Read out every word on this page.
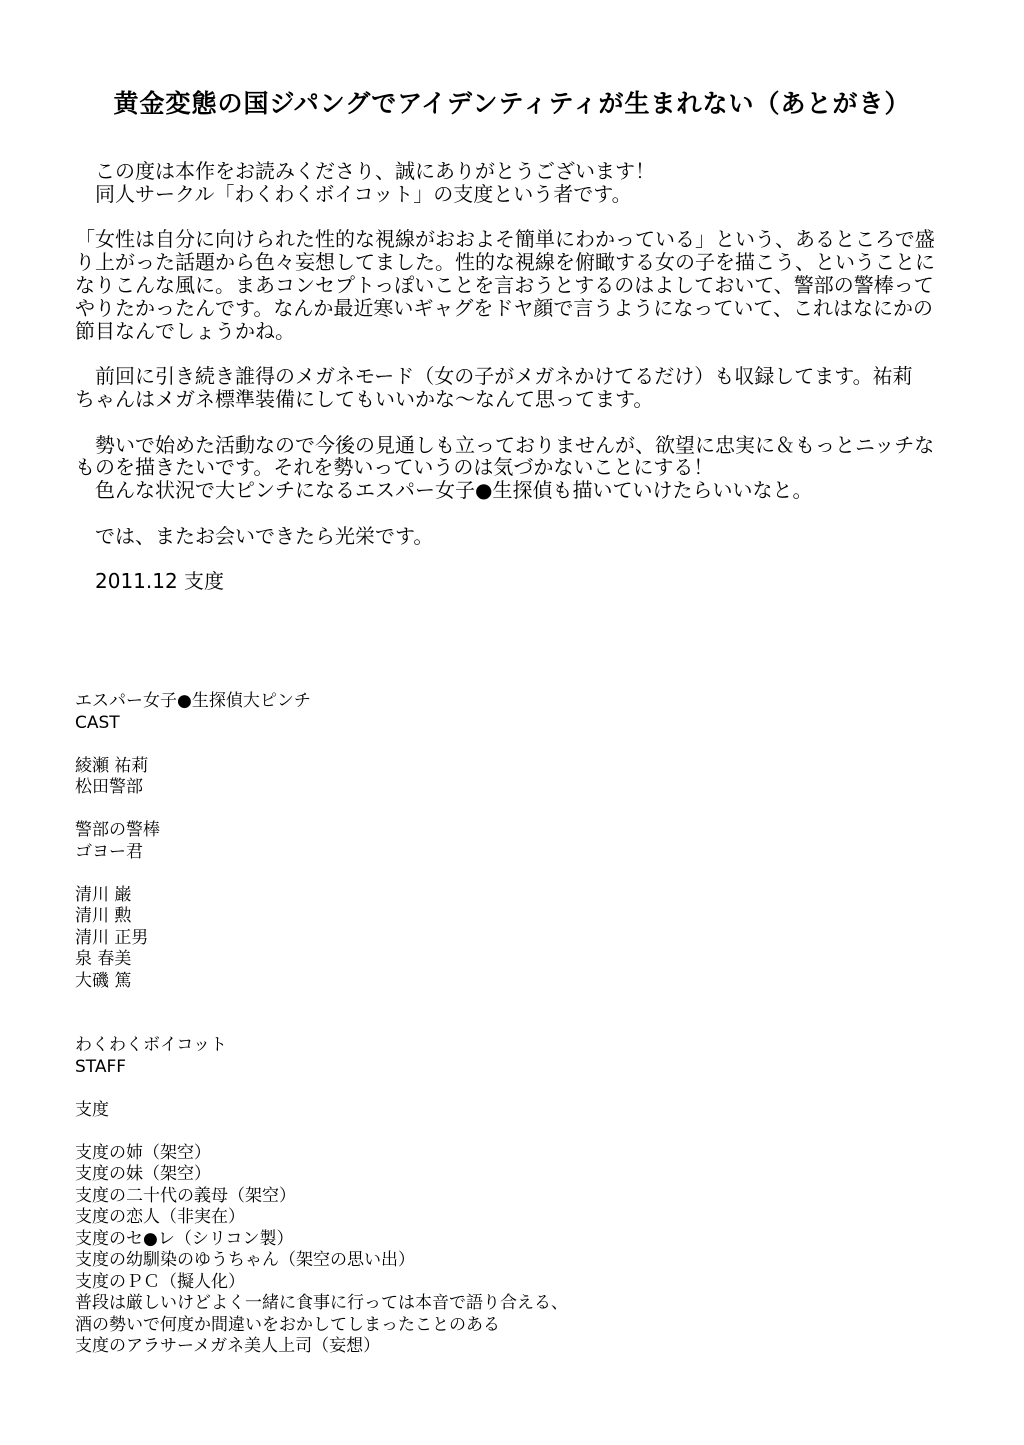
黄金変態の国ジパングでアイデンティティが生まれない（あとがき）
　この度は本作をお読みくださり、誠にありがとうございます！
　同人サークル「わくわくボイコット」の支度という者です。
「女性は自分に向けられた性的な視線がおおよそ簡単にわかっている」という、あるところで盛
り上がった話題から色々妄想してました。性的な視線を俯瞰する女の子を描こう、ということに
なりこんな風に。まあコンセプトっぽいことを言おうとするのはよしておいて、警部の警棒って
やりたかったんです。なんか最近寒いギャグをドヤ顔で言うようになっていて、これはなにかの
節目なんでしょうかね。
　前回に引き続き誰得のメガネモード（女の子がメガネかけてるだけ）も収録してます。祐莉
ちゃんはメガネ標準装備にしてもいいかな～なんて思ってます。
　勢いで始めた活動なので今後の見通しも立っておりませんが、欲望に忠実に＆もっとニッチな
ものを描きたいです。それを勢いっていうのは気づかないことにする！
　色んな状況で大ピンチになるエスパー女子●生探偵も描いていけたらいいなと。
　では、またお会いできたら光栄です。
　2011.12 支度
エスパー女子●生探偵大ピンチ
CAST
綾瀬 祐莉
松田警部
警部の警棒
ゴヨー君
清川 巌
清川 勲
清川 正男
泉 春美
大磯 篤
わくわくボイコット
STAFF
支度
支度の姉（架空）
支度の妹（架空）
支度の二十代の義母（架空）
支度の恋人（非実在）
支度のセ●レ（シリコン製）
支度の幼馴染のゆうちゃん（架空の思い出）
支度のＰＣ（擬人化）
普段は厳しいけどよく一緒に食事に行っては本音で語り合える、
酒の勢いで何度か間違いをおかしてしまったことのある
支度のアラサーメガネ美人上司（妄想）
